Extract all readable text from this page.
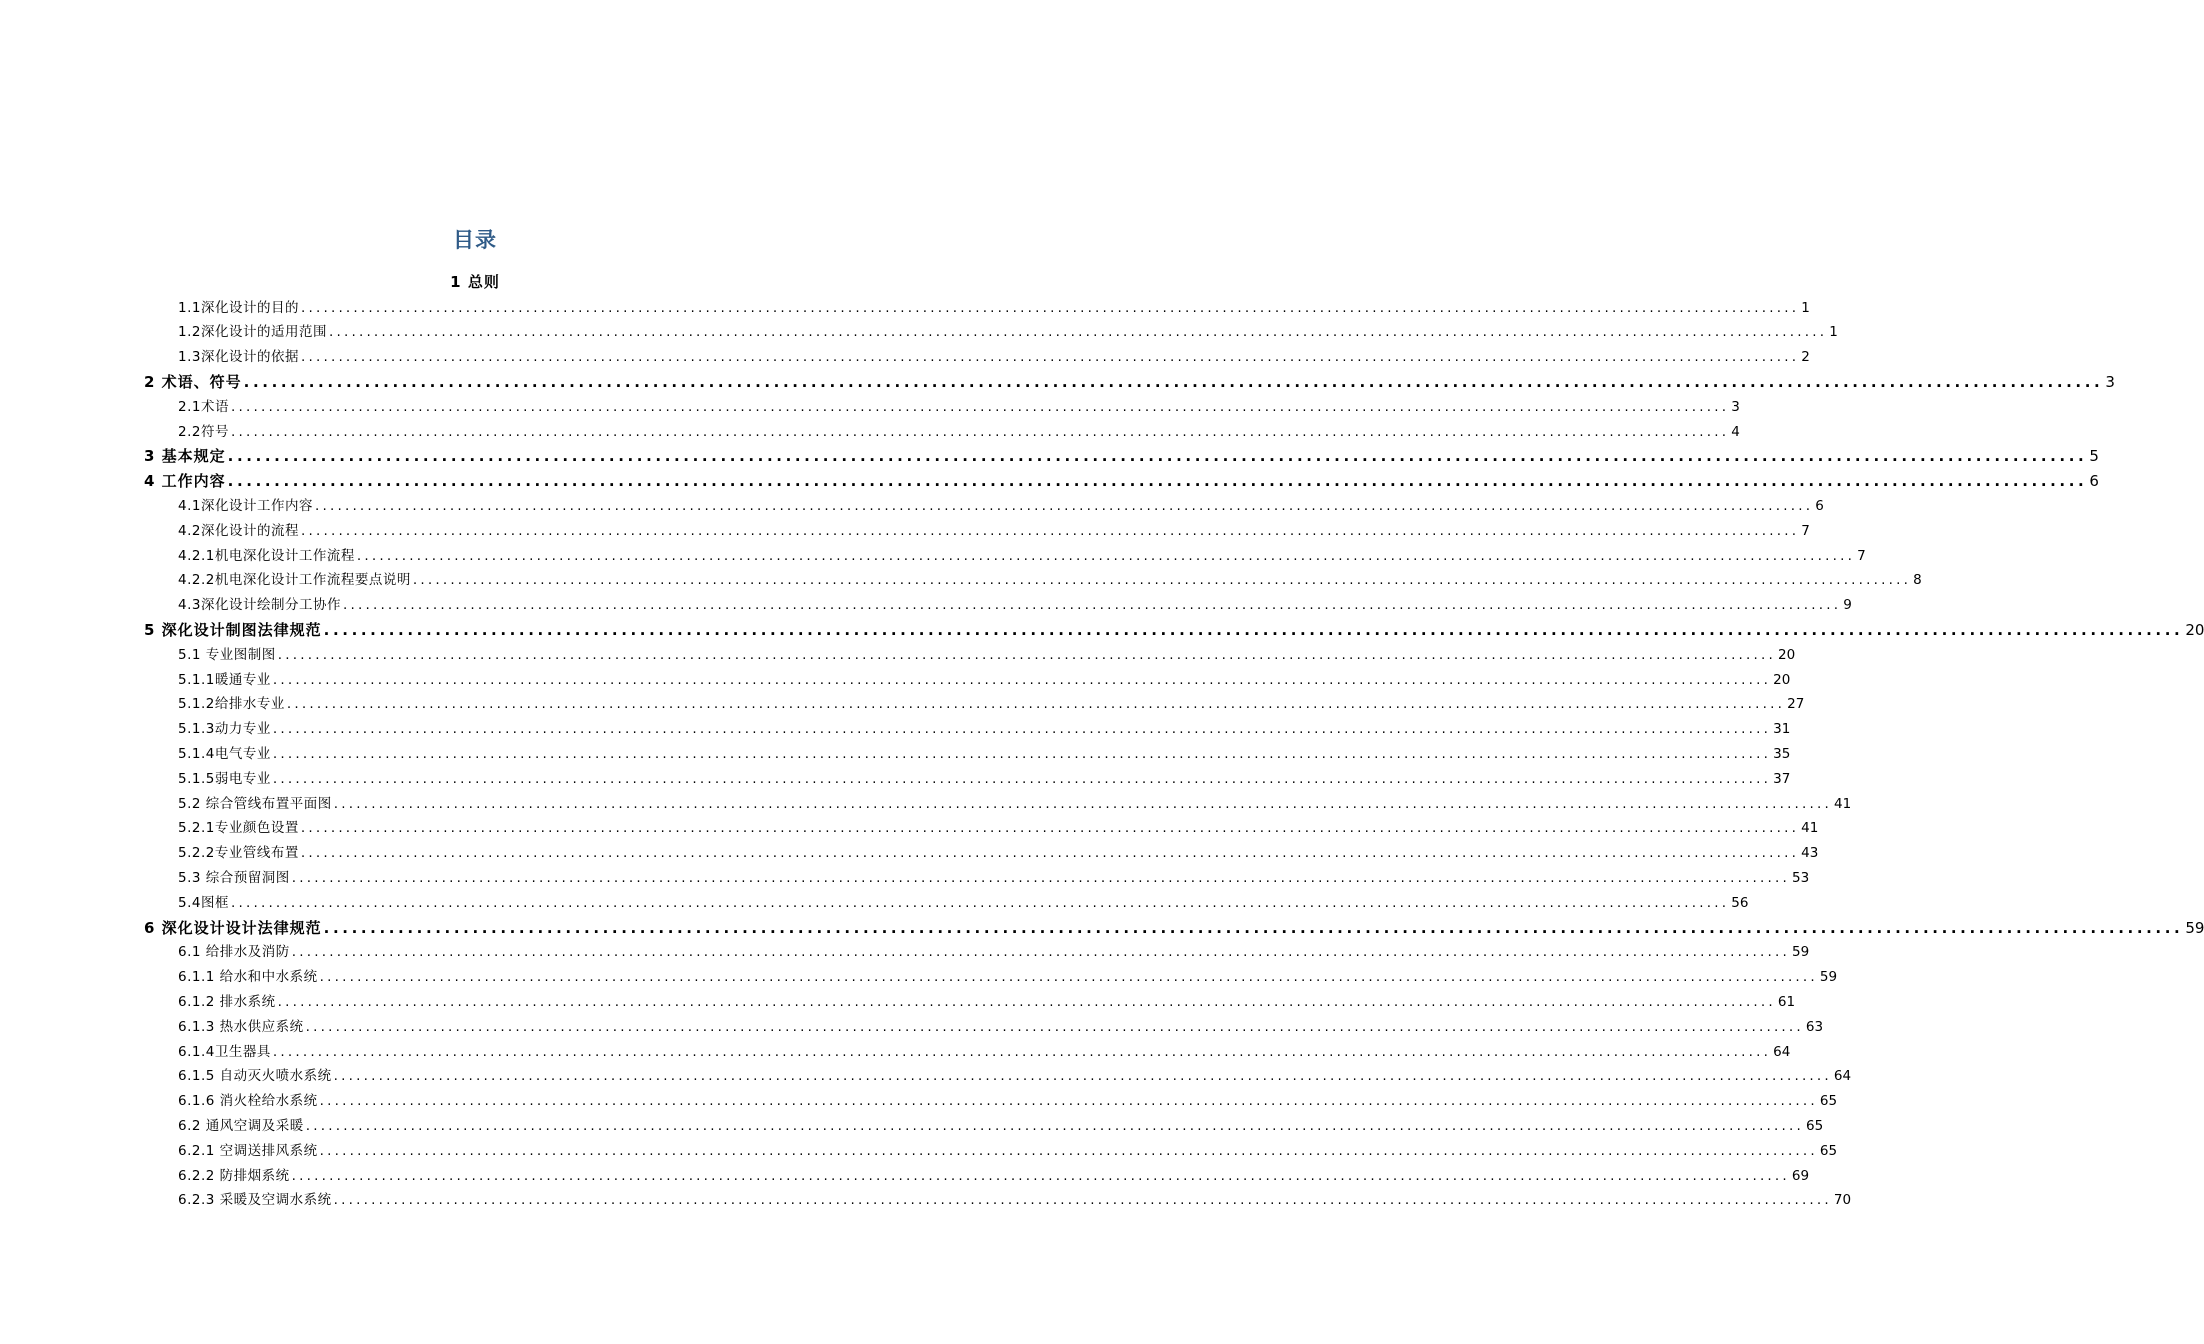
目录
1 总则
1.1深化设计的目的 ........................................................................................................................................................................................................ 1
1.2深化设计的适用范围 ........................................................................................................................................................................................................ 1
1.3深化设计的依据 ........................................................................................................................................................................................................ 2
2 术语、符号 ........................................................................................................................................................................................................ 3
2.1术语 ........................................................................................................................................................................................................ 3
2.2符号 ........................................................................................................................................................................................................ 4
3 基本规定 ........................................................................................................................................................................................................ 5
4 工作内容 ........................................................................................................................................................................................................ 6
4.1深化设计工作内容 ........................................................................................................................................................................................................ 6
4.2深化设计的流程 ........................................................................................................................................................................................................ 7
4.2.1机电深化设计工作流程 ........................................................................................................................................................................................................ 7
4.2.2机电深化设计工作流程要点说明 ........................................................................................................................................................................................................ 8
4.3深化设计绘制分工协作 ........................................................................................................................................................................................................ 9
5 深化设计制图法律规范 ........................................................................................................................................................................................................ 20
5.1 专业图制图 ........................................................................................................................................................................................................ 20
5.1.1暖通专业 ........................................................................................................................................................................................................ 20
5.1.2给排水专业 ........................................................................................................................................................................................................ 27
5.1.3动力专业 ........................................................................................................................................................................................................ 31
5.1.4电气专业 ........................................................................................................................................................................................................ 35
5.1.5弱电专业 ........................................................................................................................................................................................................ 37
5.2 综合管线布置平面图 ........................................................................................................................................................................................................ 41
5.2.1专业颜色设置 ........................................................................................................................................................................................................ 41
5.2.2专业管线布置 ........................................................................................................................................................................................................ 43
5.3 综合预留洞图 ........................................................................................................................................................................................................ 53
5.4图框 ........................................................................................................................................................................................................ 56
6 深化设计设计法律规范 ........................................................................................................................................................................................................ 59
6.1 给排水及消防 ........................................................................................................................................................................................................ 59
6.1.1 给水和中水系统 ........................................................................................................................................................................................................ 59
6.1.2 排水系统 ........................................................................................................................................................................................................ 61
6.1.3 热水供应系统 ........................................................................................................................................................................................................ 63
6.1.4卫生器具 ........................................................................................................................................................................................................ 64
6.1.5 自动灭火喷水系统 ........................................................................................................................................................................................................ 64
6.1.6 消火栓给水系统 ........................................................................................................................................................................................................ 65
6.2 通风空调及采暖 ........................................................................................................................................................................................................ 65
6.2.1 空调送排风系统 ........................................................................................................................................................................................................ 65
6.2.2 防排烟系统 ........................................................................................................................................................................................................ 69
6.2.3 采暖及空调水系统 ........................................................................................................................................................................................................ 70
